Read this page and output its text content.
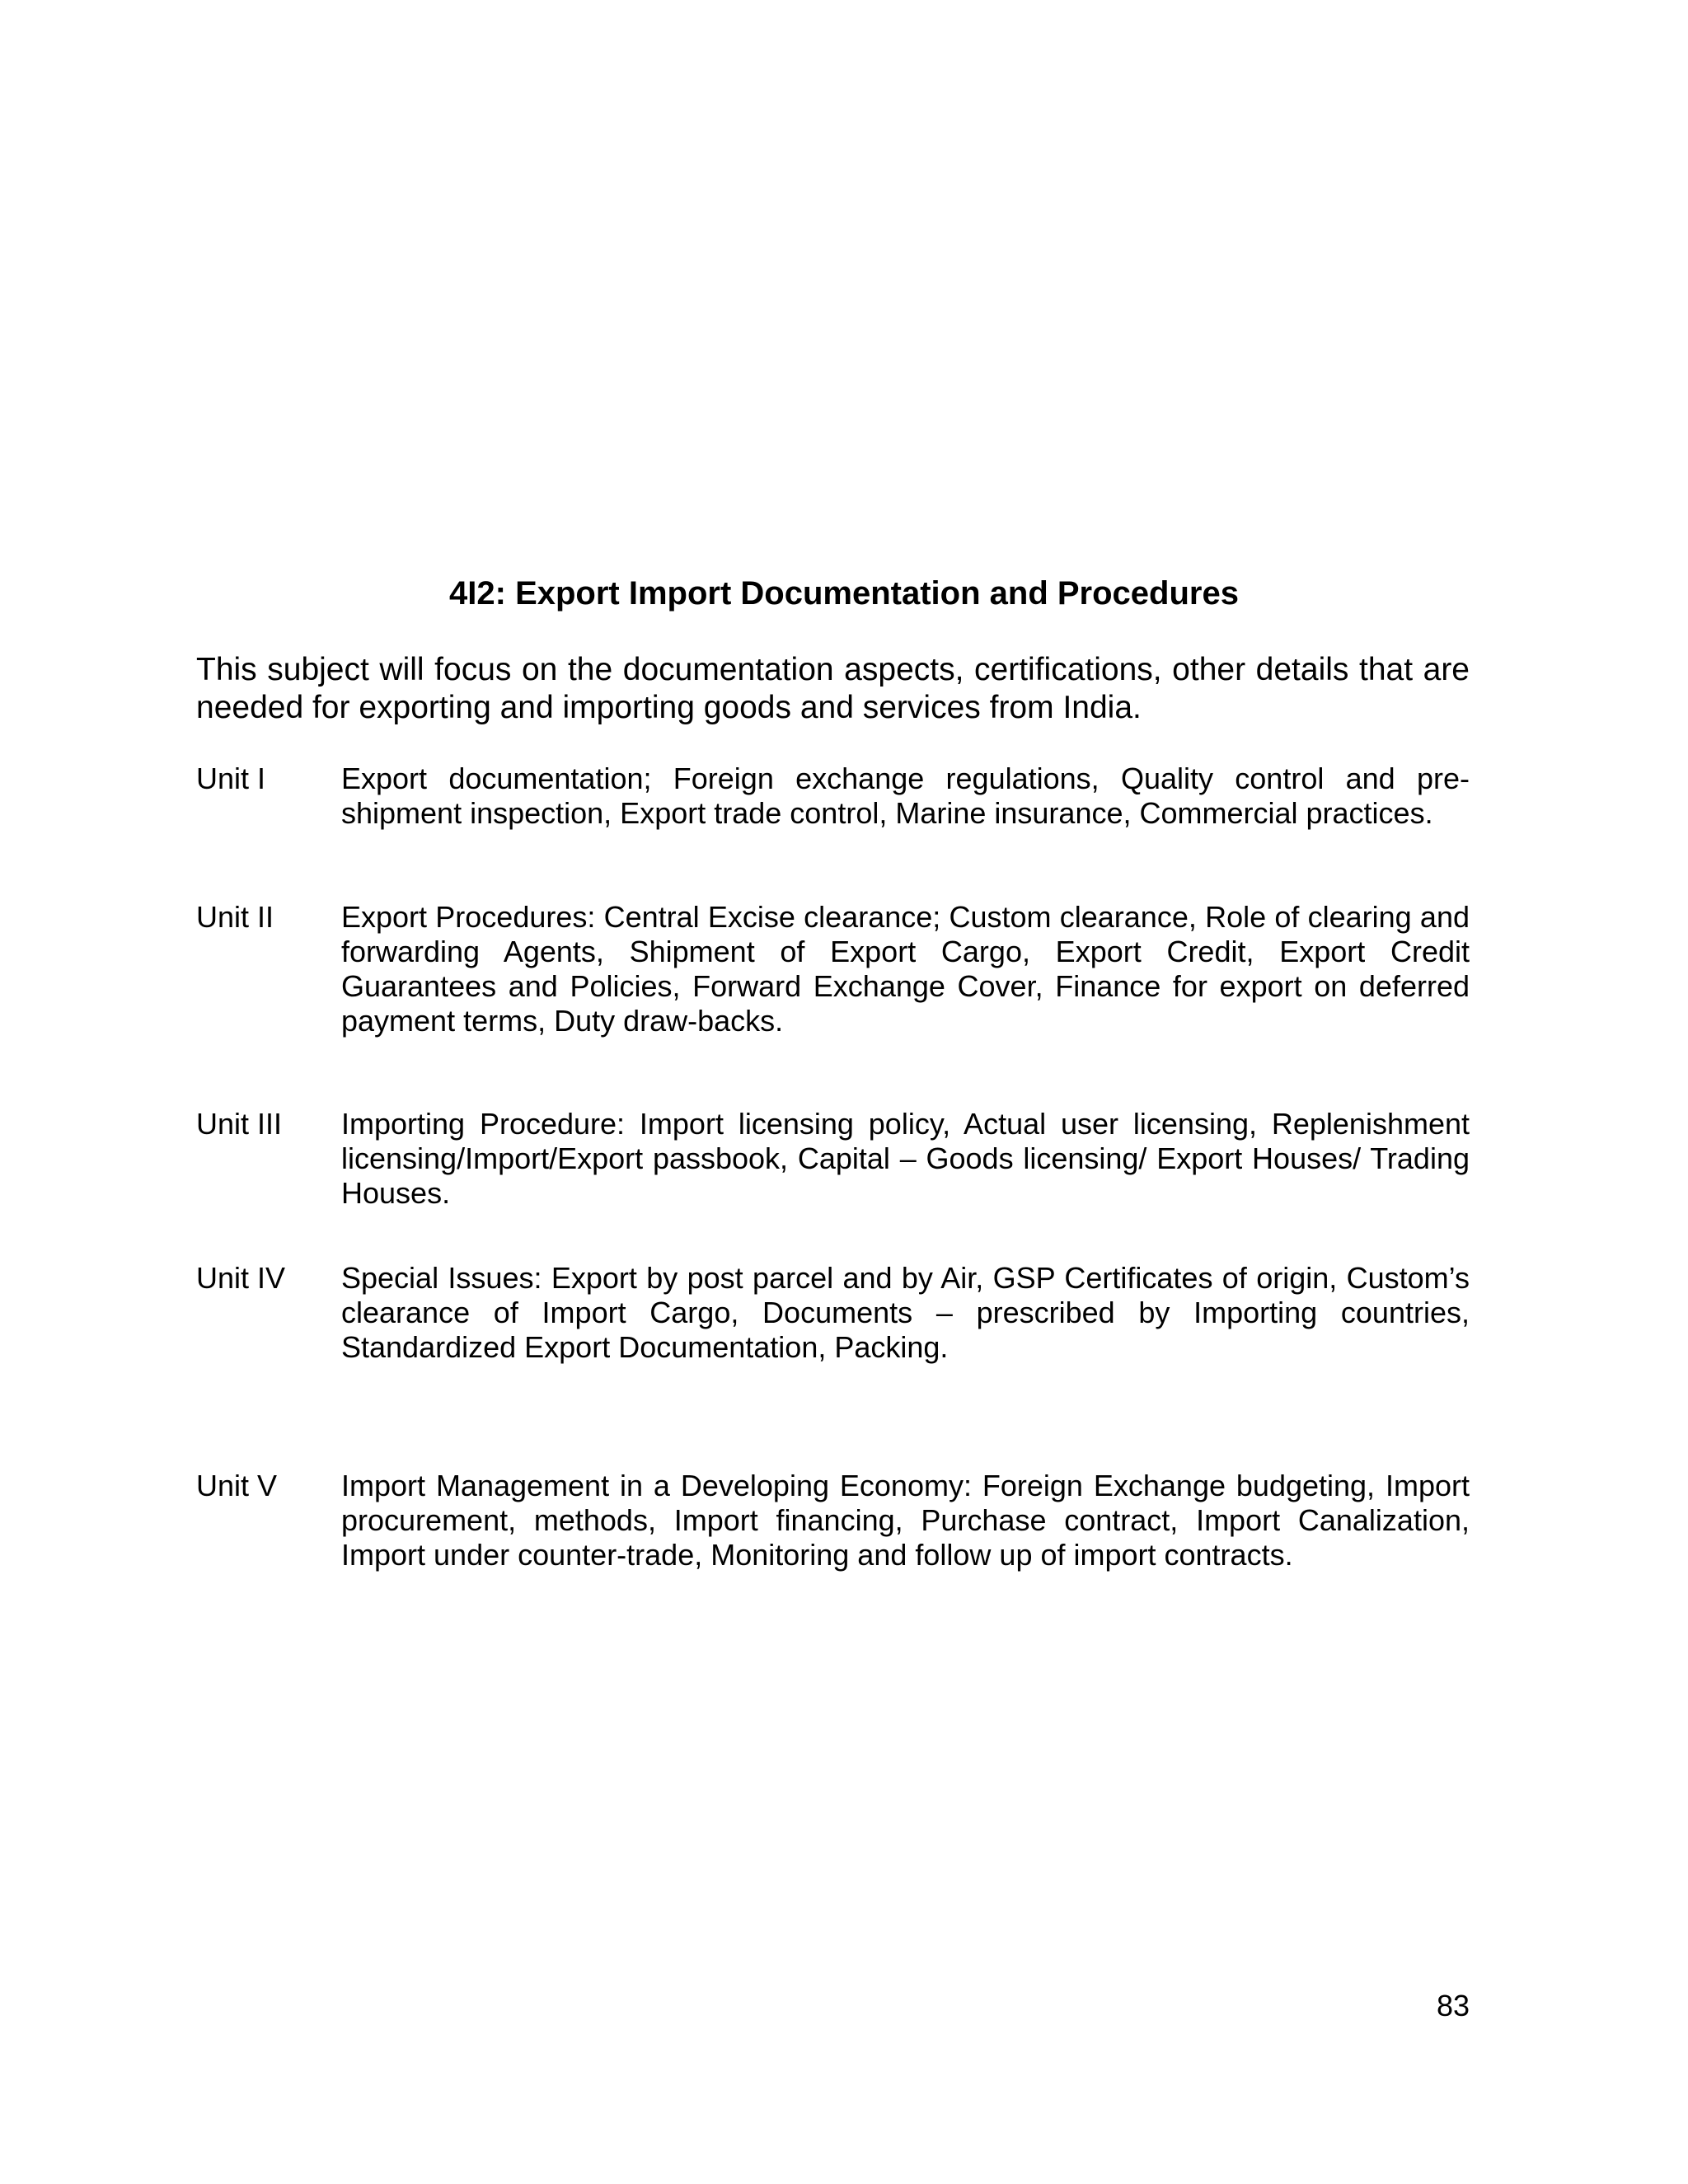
4I2: Export Import Documentation and Procedures
This subject will focus on the documentation aspects, certifications, other details that are needed for exporting and importing goods and services from India.
Unit I	Export documentation; Foreign exchange regulations, Quality control and pre-shipment inspection, Export trade control, Marine insurance, Commercial practices.
Unit II	Export Procedures: Central Excise clearance; Custom clearance, Role of clearing and forwarding Agents, Shipment of Export Cargo, Export Credit, Export Credit Guarantees and Policies, Forward Exchange Cover, Finance for export on deferred payment terms, Duty draw-backs.
Unit III	Importing Procedure: Import licensing policy, Actual user licensing, Replenishment licensing/Import/Export passbook, Capital – Goods licensing/ Export Houses/ Trading Houses.
Unit IV	Special Issues: Export by post parcel and by Air, GSP Certificates of origin, Custom’s clearance of Import Cargo, Documents – prescribed by Importing countries, Standardized Export Documentation, Packing.
Unit V	Import Management in a Developing Economy: Foreign Exchange budgeting, Import procurement, methods, Import financing, Purchase contract, Import Canalization, Import under counter-trade, Monitoring and follow up of import contracts.
83
